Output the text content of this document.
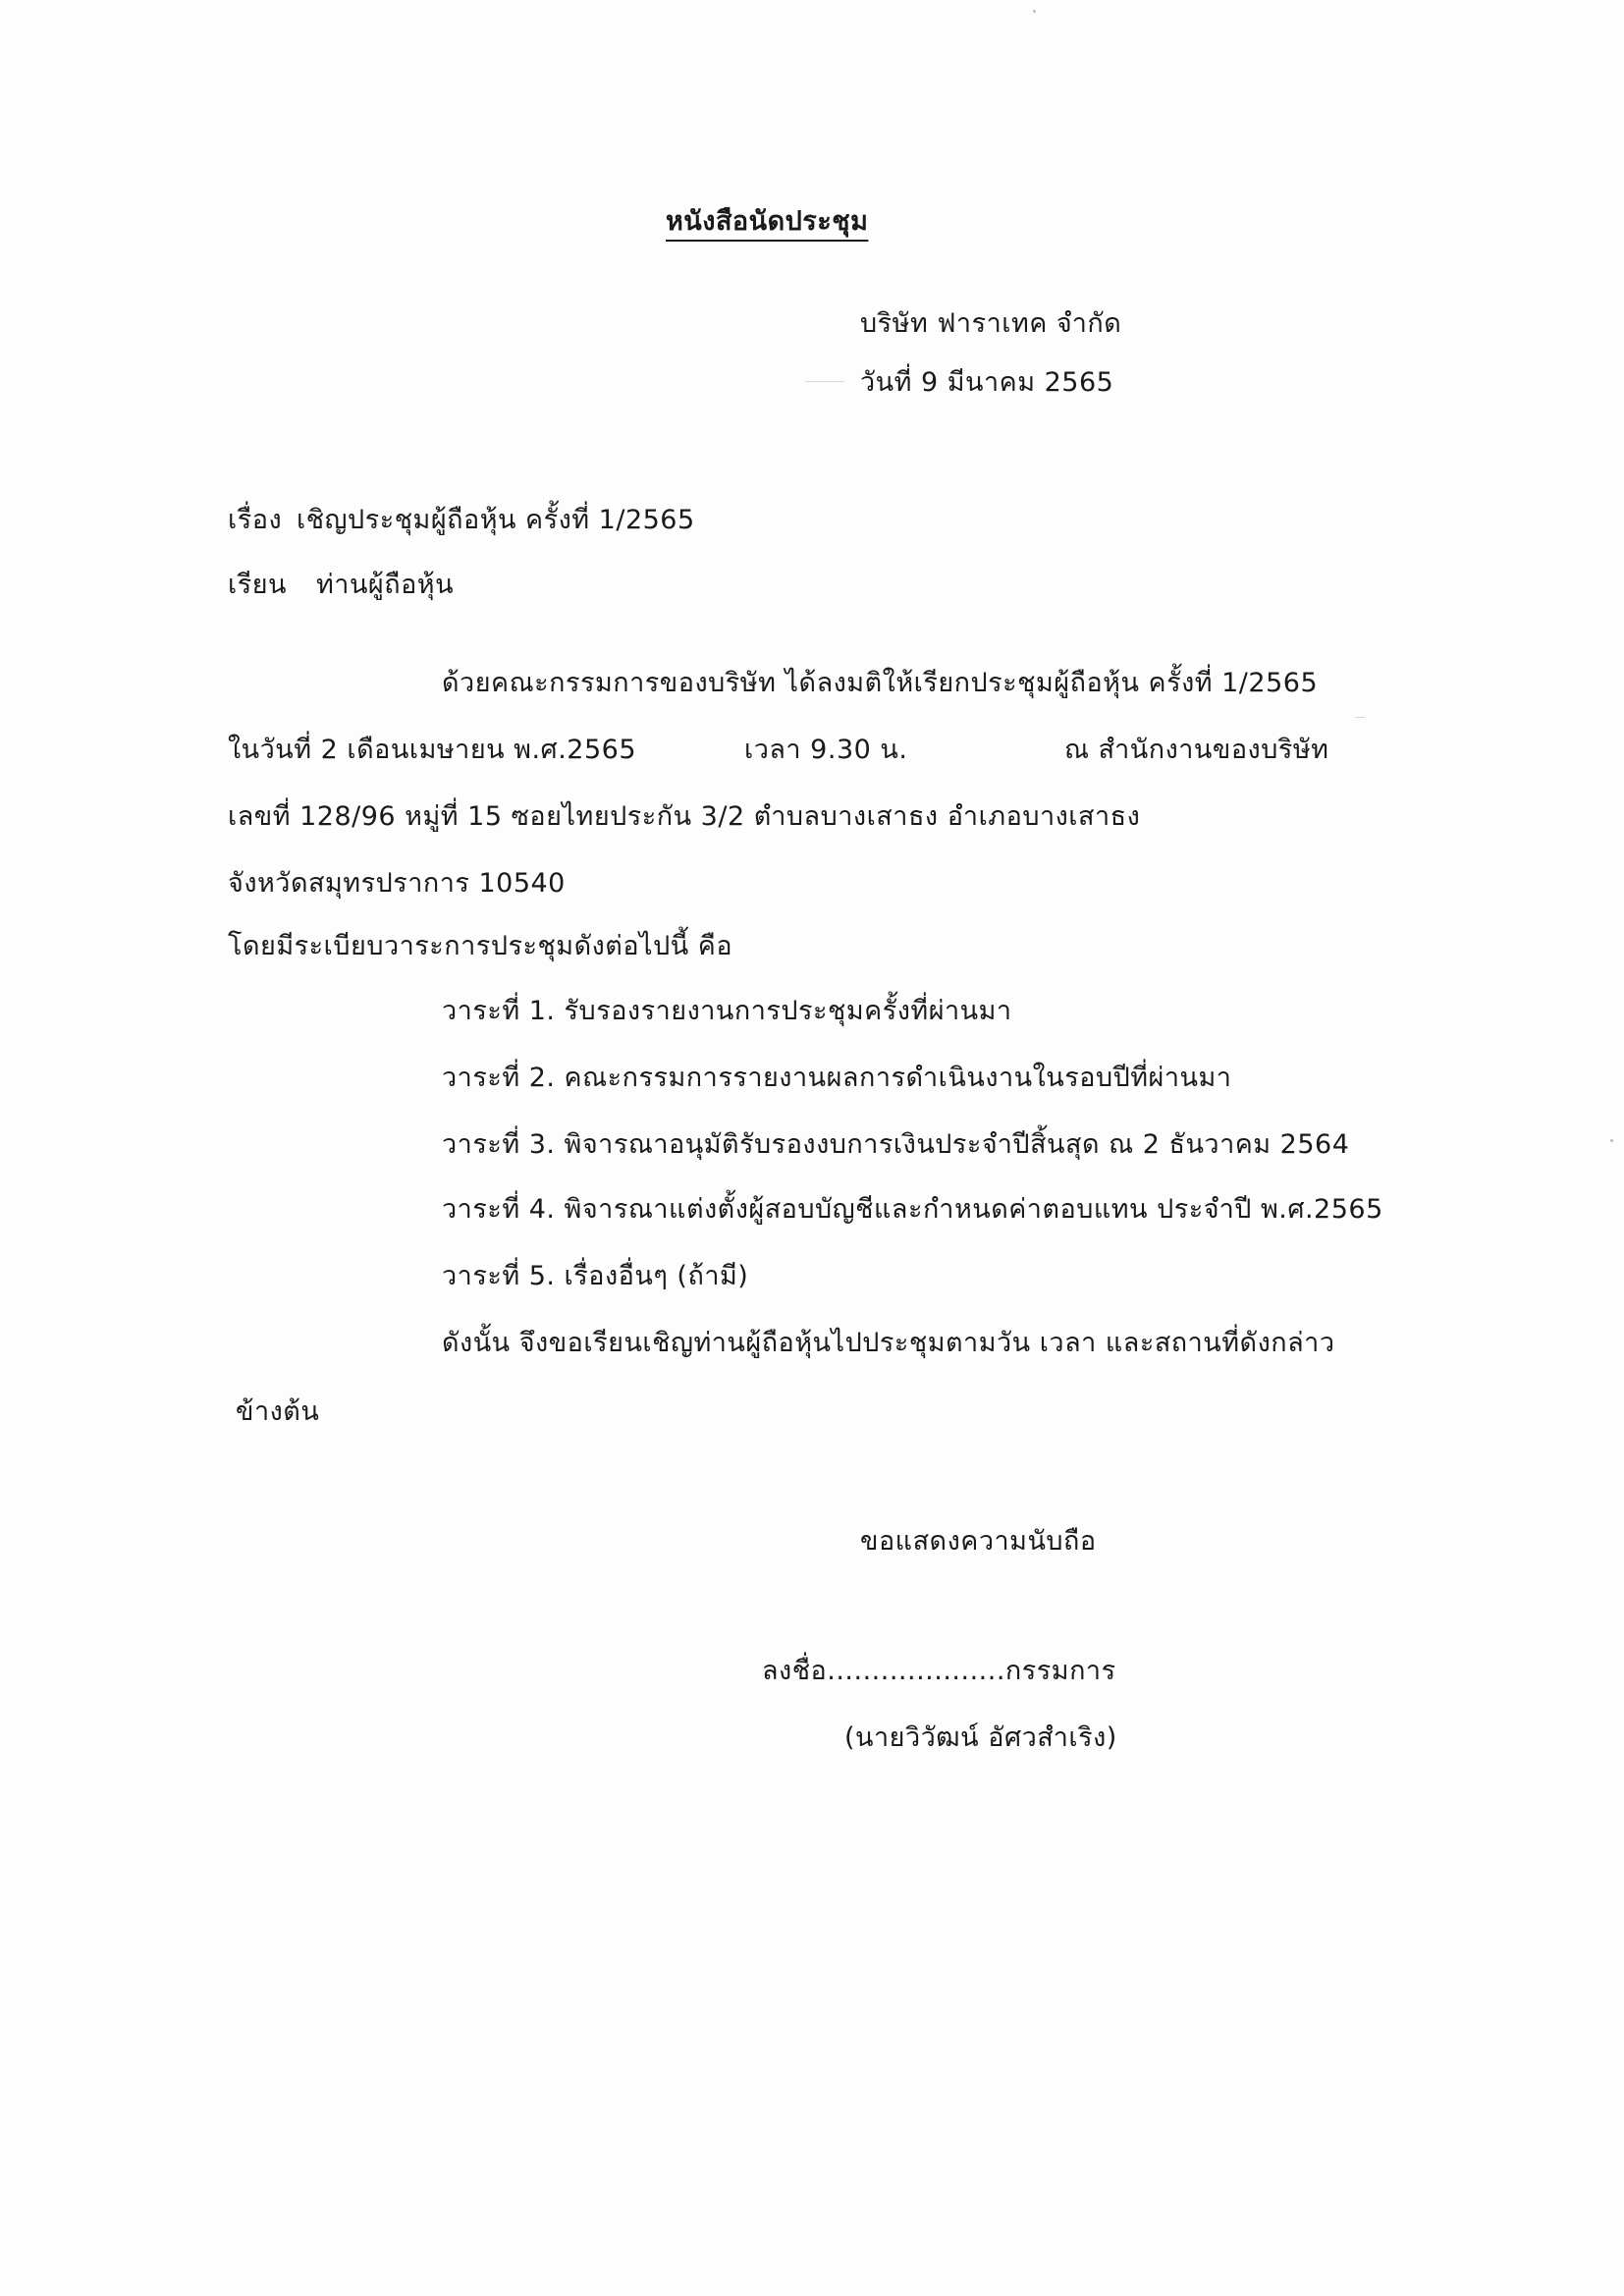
หนังสือนัดประชุม
บริษัท ฟาราเทค จำกัด
วันที่ 9 มีนาคม 2565
เรื่อง เชิญประชุมผู้ถือหุ้น ครั้งที่ 1/2565
เรียน ท่านผู้ถือหุ้น
ด้วยคณะกรรมการของบริษัท ได้ลงมติให้เรียกประชุมผู้ถือหุ้น ครั้งที่ 1/2565
ในวันที่ 2 เดือนเมษายน พ.ศ.2565	เวลา 9.30 น.	ณ สำนักงานของบริษัท
เลขที่ 128/96 หมู่ที่ 15 ซอยไทยประกัน 3/2 ตำบลบางเสาธง อำเภอบางเสาธง
จังหวัดสมุทรปราการ 10540
โดยมีระเบียบวาระการประชุมดังต่อไปนี้ คือ
วาระที่ 1. รับรองรายงานการประชุมครั้งที่ผ่านมา
วาระที่ 2. คณะกรรมการรายงานผลการดำเนินงานในรอบปีที่ผ่านมา
วาระที่ 3. พิจารณาอนุมัติรับรองงบการเงินประจำปีสิ้นสุด ณ 2 ธันวาคม 2564
วาระที่ 4. พิจารณาแต่งตั้งผู้สอบบัญชีและกำหนดค่าตอบแทน ประจำปี พ.ศ.2565
วาระที่ 5. เรื่องอื่นๆ (ถ้ามี)
ดังนั้น จึงขอเรียนเชิญท่านผู้ถือหุ้นไปประชุมตามวัน เวลา และสถานที่ดังกล่าว
ข้างต้น
ขอแสดงความนับถือ
ลงชื่อ....................กรรมการ
(นายวิวัฒน์ อัศวสำเริง)
